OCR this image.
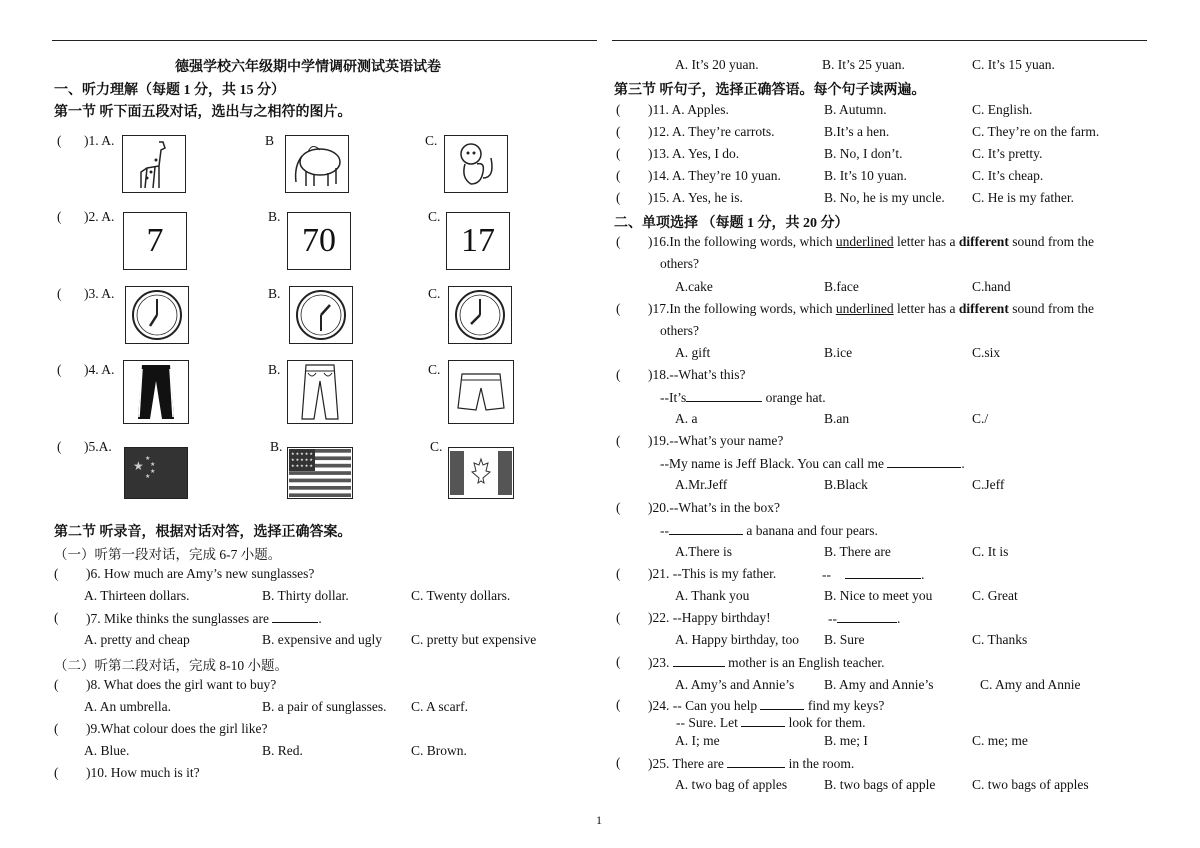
德强学校六年级期中学情调研测试英语试卷
一、听力理解（每题 1 分，共 15 分）
第一节 听下面五段对话，选出与之相符的图片。
( )1. A.	B	C.
( )2. A.	B.	C.
7	70	17
( )3. A.	B.	C.
( )4. A.	B.	C.
( )5.A.	B.	C.
★ ★
★
★
★
★ ★ ★ ★ ★
★ ★ ★ ★ ★
★ ★ ★ ★ ★
第二节 听录音，根据对话对答，选择正确答案。
（一）听第一段对话，完成 6-7 小题。
( )6. How much are Amy’s new sunglasses?
A. Thirteen dollars.	B. Thirty dollar.	C. Twenty dollars.
( )7. Mike thinks the sunglasses are	.
A. pretty and cheap	B. expensive and ugly C. pretty but expensive
（二）听第二段对话，完成 8-10 小题。
( )8. What does the girl want to buy?
A. An umbrella.	B. a pair of sunglasses. C. A scarf.
( )9.What colour does the girl like?
A. Blue.	B. Red.	C. Brown.
( )10. How much is it?
A. It’s 20 yuan.	B. It’s 25 yuan.	C. It’s 15 yuan.
第三节 听句子，选择正确答语。每个句子读两遍。
( )11. A. Apples.	B. Autumn.	C. English.
( )12. A. They’re carrots.	B.It’s a hen.	C. They’re on the farm.
( )13. A. Yes, I do.	B. No, I don’t.	C. It’s pretty.
( )14. A. They’re 10 yuan.	B. It’s 10 yuan.	C. It’s cheap.
( )15. A. Yes, he is.	B. No, he is my uncle. C. He is my father.
二、单项选择 （每题 1 分，共 20 分）
( )16.In the following words, which underlined letter has a different sound from the
others?
A.cake	B.face	C.hand
( )17.In the following words, which underlined letter has a different sound from the
others?
A. gift	B.ice	C.six
( )18.--What’s this?
--It’s	orange hat.
A. a	B.an	C./
( )19.--What’s your name?
--My name is Jeff Black. You can call me	.
A.Mr.Jeff	B.Black	C.Jeff
( )20.--What’s in the box?
--	a banana and four pears.
A.There is	B. There are	C. It is
( )21. --This is my father.	--	.
A. Thank you	B. Nice to meet you	C. Great
( )22. --Happy birthday!	--	.
A. Happy birthday, too B. Sure	C. Thanks
( )23.	mother is an English teacher.
A. Amy’s and Annie’s B. Amy and Annie’s	C. Amy and Annie
( )24. -- Can you help	find my keys?
-- Sure. Let	look for them.
A. I; me	B. me; I	C. me; me
( )25. There are	in the room.
A. two bag of apples	B. two bags of apple	C. two bags of apples
1
